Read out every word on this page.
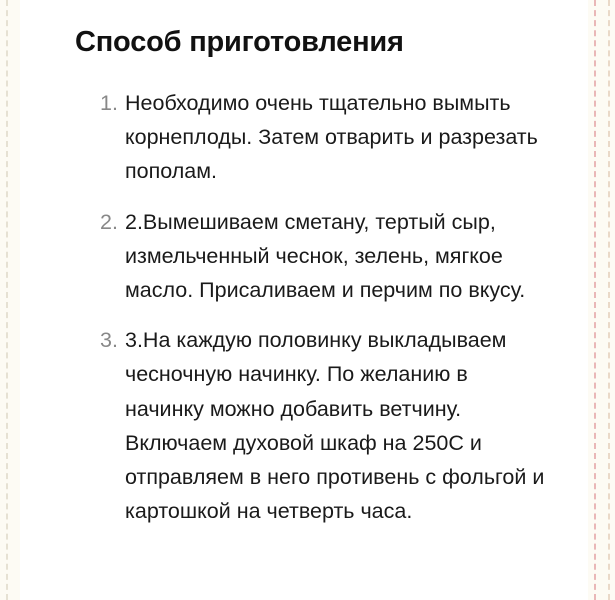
Способ приготовления
1. Необходимо очень тщательно вымыть корнеплоды. Затем отварить и разрезать пополам.
2. 2.Вымешиваем сметану, тертый сыр, измельченный чеснок, зелень, мягкое масло. Присаливаем и перчим по вкусу.
3. 3.На каждую половинку выкладываем чесночную начинку. По желанию в начинку можно добавить ветчину. Включаем духовой шкаф на 250С и отправляем в него противень с фольгой и картошкой на четверть часа.
